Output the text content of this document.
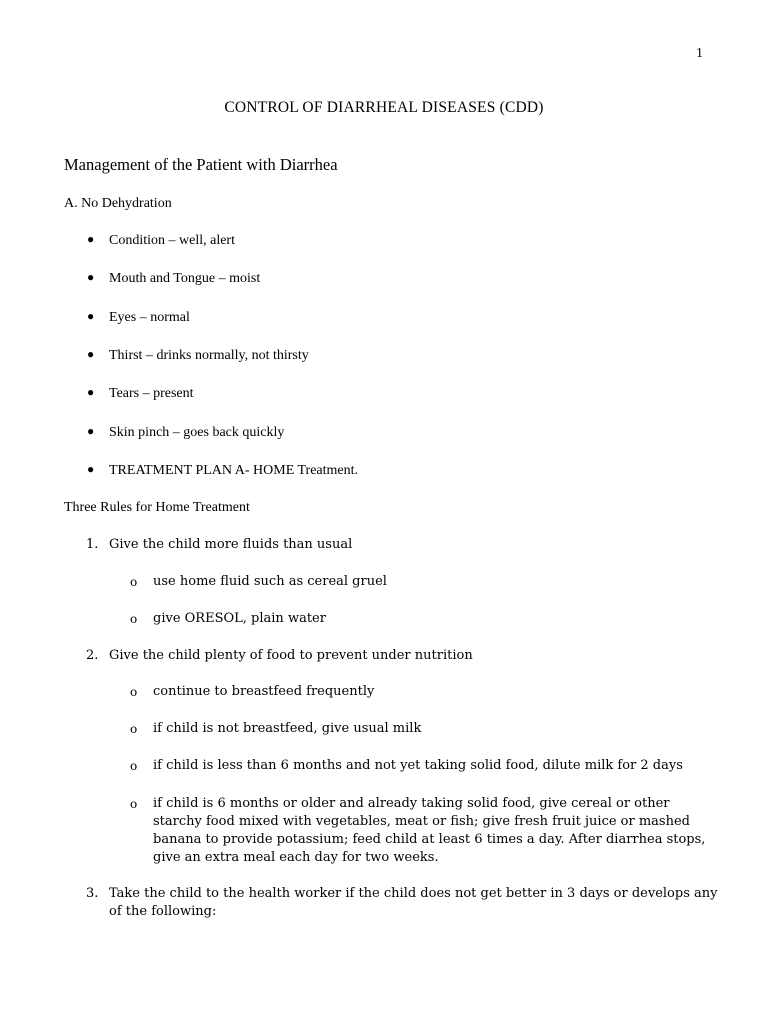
1
CONTROL OF DIARRHEAL DISEASES (CDD)
Management of the Patient with Diarrhea
A. No Dehydration
● Condition – well, alert
● Mouth and Tongue – moist
● Eyes – normal
● Thirst – drinks normally, not thirsty
● Tears – present
● Skin pinch – goes back quickly
● TREATMENT PLAN A- HOME Treatment.
Three Rules for Home Treatment
1. Give the child more fluids than usual
o	use home fluid such as cereal gruel
o	give ORESOL, plain water
2. Give the child plenty of food to prevent under nutrition
o	continue to breastfeed frequently
o	if child is not breastfeed, give usual milk
o	if child is less than 6 months and not yet taking solid food, dilute milk for 2 days
o	if child is 6 months or older and already taking solid food, give cereal or other starchy food mixed with vegetables, meat or fish; give fresh fruit juice or mashed banana to provide potassium; feed child at least 6 times a day. After diarrhea stops, give an extra meal each day for two weeks.
3. Take the child to the health worker if the child does not get better in 3 days or develops any of the following:
